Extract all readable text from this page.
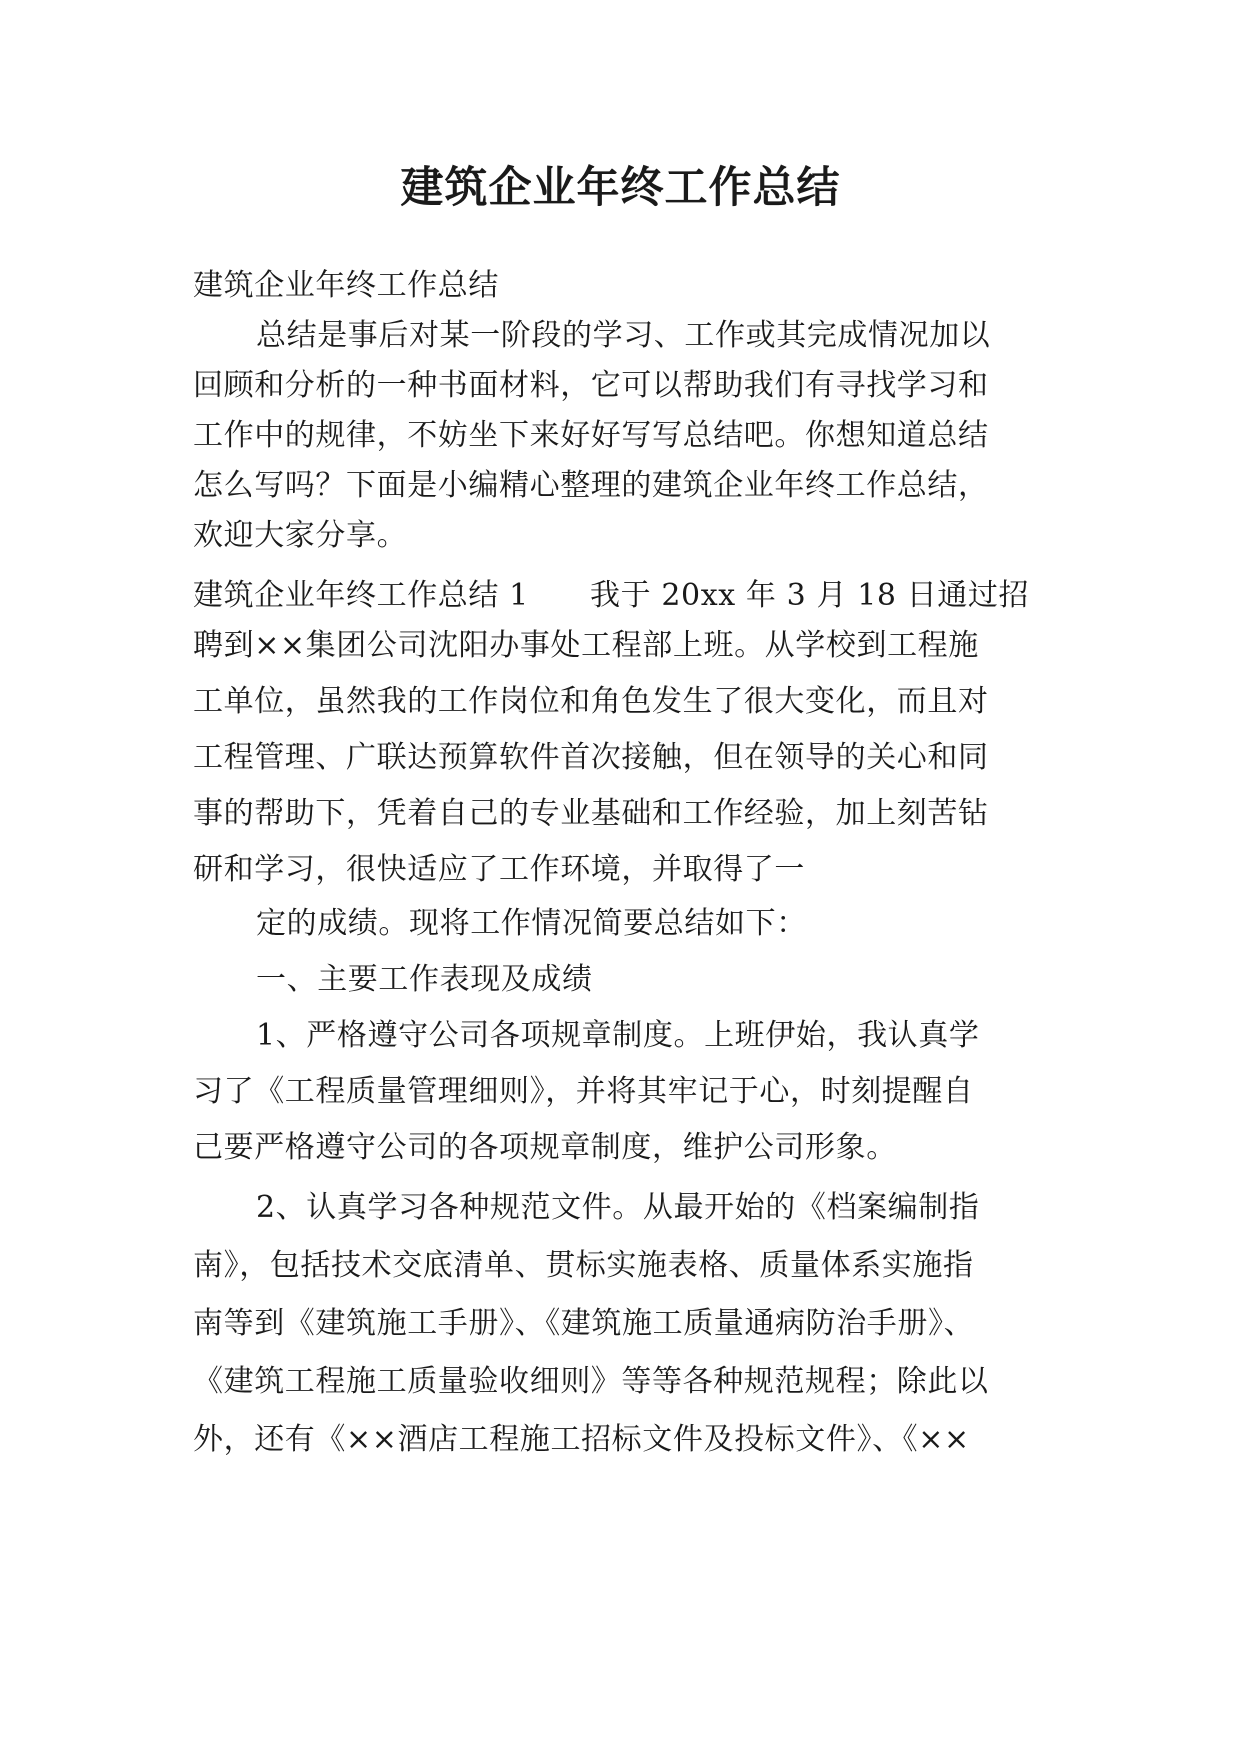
建筑企业年终工作总结
建筑企业年终工作总结
总结是事后对某一阶段的学习、工作或其完成情况加以
回顾和分析的一种书面材料，它可以帮助我们有寻找学习和
工作中的规律，不妨坐下来好好写写总结吧。你想知道总结
怎么写吗？下面是小编精心整理的建筑企业年终工作总结，
欢迎大家分享。
建筑企业年终工作总结 1　　我于 20xx 年 3 月 18 日通过招
聘到××集团公司沈阳办事处工程部上班。从学校到工程施
工单位，虽然我的工作岗位和角色发生了很大变化，而且对
工程管理、广联达预算软件首次接触，但在领导的关心和同
事的帮助下，凭着自己的专业基础和工作经验，加上刻苦钻
研和学习，很快适应了工作环境，并取得了一
定的成绩。现将工作情况简要总结如下：
一、主要工作表现及成绩
1、严格遵守公司各项规章制度。上班伊始，我认真学
习了《工程质量管理细则》，并将其牢记于心，时刻提醒自
己要严格遵守公司的各项规章制度，维护公司形象。
2、认真学习各种规范文件。从最开始的《档案编制指
南》，包括技术交底清单、贯标实施表格、质量体系实施指
南等到《建筑施工手册》、《建筑施工质量通病防治手册》、
《建筑工程施工质量验收细则》等等各种规范规程；除此以
外，还有《××酒店工程施工招标文件及投标文件》、《××
